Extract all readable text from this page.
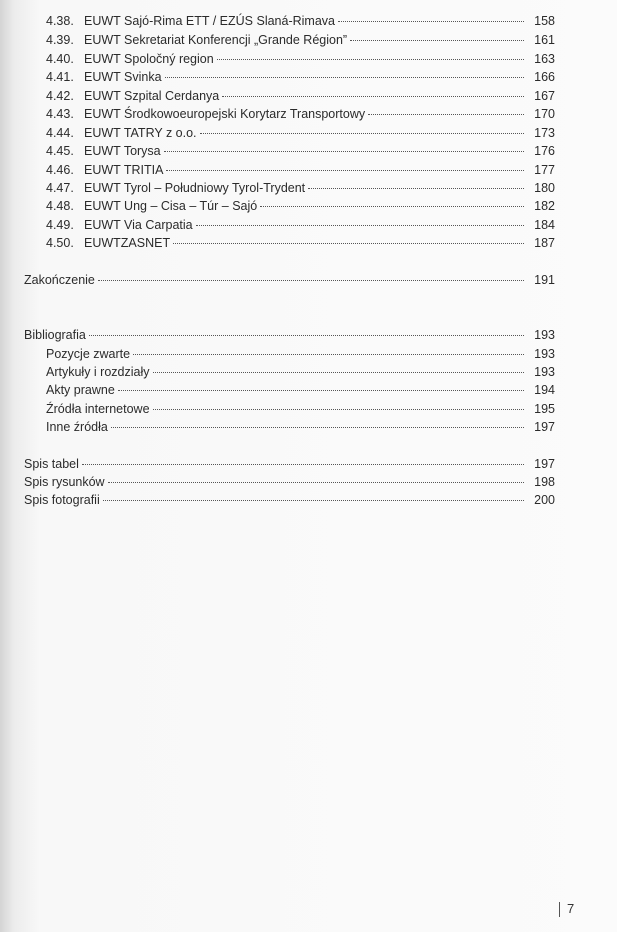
4.38. EUWT Sajó-Rima ETT / EZÚS Slaná-Rimava	158
4.39. EUWT Sekretariat Konferencji „Grande Région”	161
4.40. EUWT Spoločný region	163
4.41. EUWT Svinka	166
4.42. EUWT Szpital Cerdanya	167
4.43. EUWT Środkowoeuropejski Korytarz Transportowy	170
4.44. EUWT TATRY z o.o.	173
4.45. EUWT Torysa	176
4.46. EUWT TRITIA	177
4.47. EUWT Tyrol – Południowy Tyrol-Trydent	180
4.48. EUWT Ung – Cisa – Túr – Sajó	182
4.49. EUWT Via Carpatia	184
4.50. EUWTZASNET	187
Zakończenie	191
Bibliografia	193
Pozycje zwarte	193
Artykuły i rozdziały	193
Akty prawne	194
Źródła internetowe	195
Inne źródła	197
Spis tabel	197
Spis rysunków	198
Spis fotografii	200
7
